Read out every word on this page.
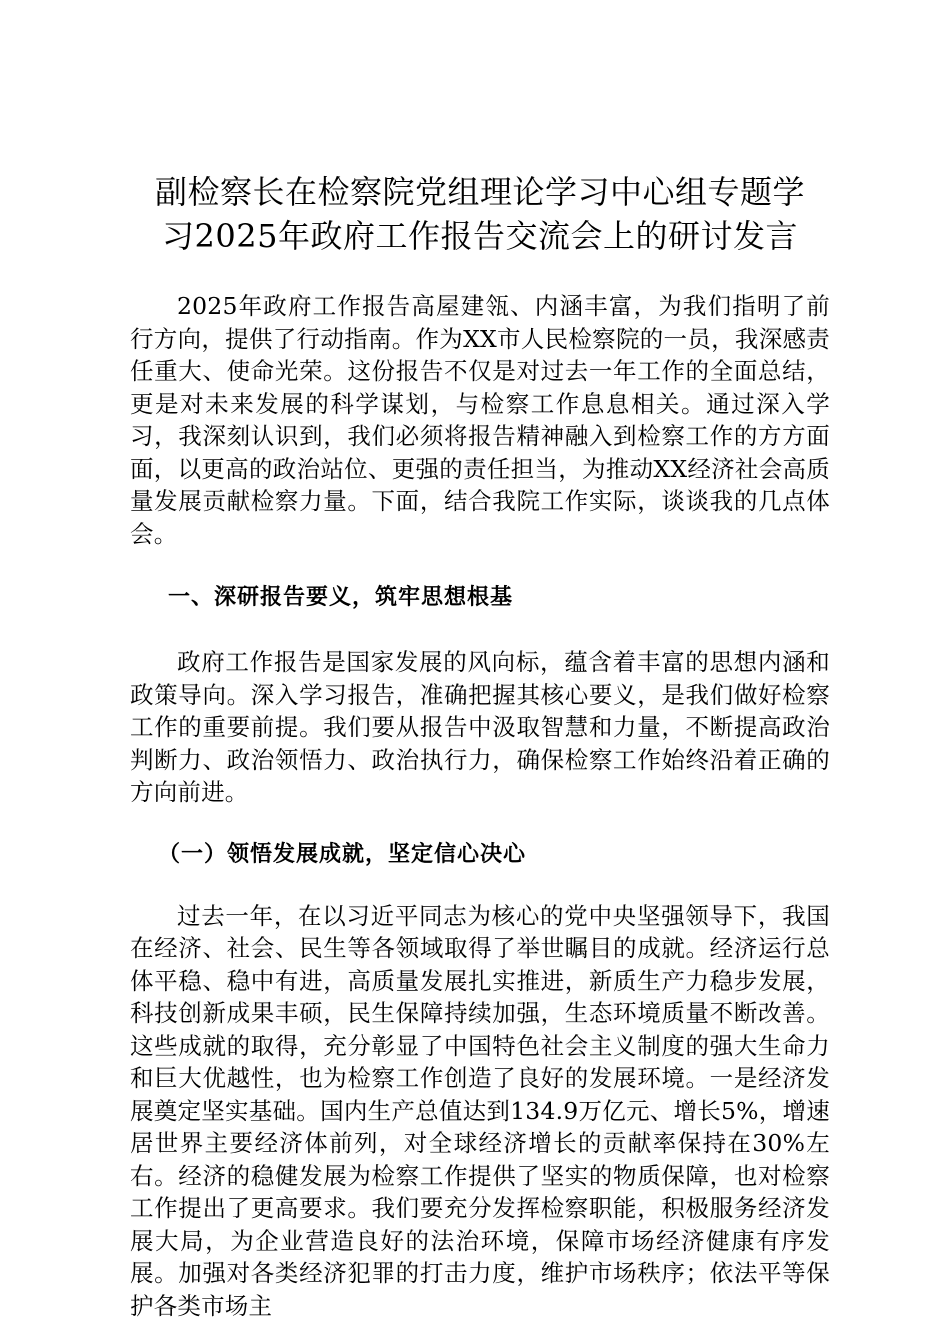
副检察长在检察院党组理论学习中心组专题学
习2025年政府工作报告交流会上的研讨发言

2025年政府工作报告高屋建瓴、内涵丰富，为我们指明了前行方向，提供了行动指南。作为XX市人民检察院的一员，我深感责任重大、使命光荣。这份报告不仅是对过去一年工作的全面总结，更是对未来发展的科学谋划，与检察工作息息相关。通过深入学习，我深刻认识到，我们必须将报告精神融入到检察工作的方方面面，以更高的政治站位、更强的责任担当，为推动XX经济社会高质量发展贡献检察力量。下面，结合我院工作实际，谈谈我的几点体会。

一、深研报告要义，筑牢思想根基

政府工作报告是国家发展的风向标，蕴含着丰富的思想内涵和政策导向。深入学习报告，准确把握其核心要义，是我们做好检察工作的重要前提。我们要从报告中汲取智慧和力量，不断提高政治判断力、政治领悟力、政治执行力，确保检察工作始终沿着正确的方向前进。

（一）领悟发展成就，坚定信心决心

过去一年，在以习近平同志为核心的党中央坚强领导下，我国在经济、社会、民生等各领域取得了举世瞩目的成就。经济运行总体平稳、稳中有进，高质量发展扎实推进，新质生产力稳步发展，科技创新成果丰硕，民生保障持续加强，生态环境质量不断改善。这些成就的取得，充分彰显了中国特色社会主义制度的强大生命力和巨大优越性，也为检察工作创造了良好的发展环境。一是经济发展奠定坚实基础。国内生产总值达到134.9万亿元、增长5%，增速居世界主要经济体前列，对全球经济增长的贡献率保持在30%左右。经济的稳健发展为检察工作提供了坚实的物质保障，也对检察工作提出了更高要求。我们要充分发挥检察职能，积极服务经济发展大局，为企业营造良好的法治环境，保障市场经济健康有序发展。加强对各类经济犯罪的打击力度，维护市场秩序；依法平等保护各类市场主
